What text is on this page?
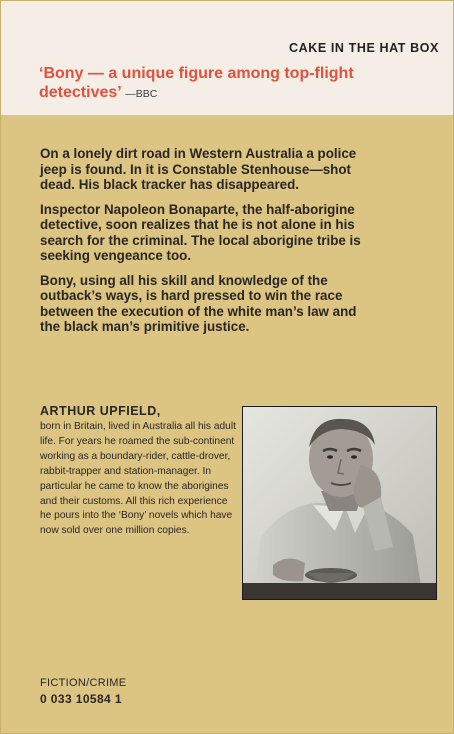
CAKE IN THE HAT BOX
‘Bony — a unique figure among top-flight detectives’ —BBC

On a lonely dirt road in Western Australia a police jeep is found. In it is Constable Stenhouse—shot dead. His black tracker has disappeared.

Inspector Napoleon Bonaparte, the half-aborigine detective, soon realizes that he is not alone in his search for the criminal. The local aborigine tribe is seeking vengeance too.

Bony, using all his skill and knowledge of the outback’s ways, is hard pressed to win the race between the execution of the white man’s law and the black man’s primitive justice.

ARTHUR UPFIELD,
born in Britain, lived in Australia all his adult life. For years he roamed the sub-continent working as a boundary-rider, cattle-drover, rabbit-trapper and station-manager. In particular he came to know the aborigines and their customs. All this rich experience he pours into the ‘Bony’ novels which have now sold over one million copies.
FICTION/CRIME
0 033 10584 1
